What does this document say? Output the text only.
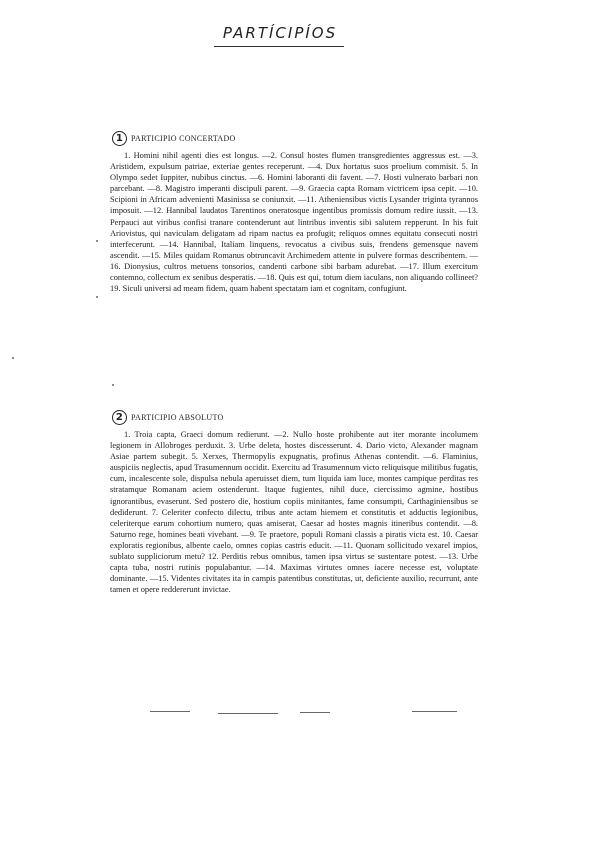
PARTÍCIPÍOS
1 PARTICIPIO CONCERTADO
1. Homini nihil agenti dies est longus. —2. Consul hostes flumen transgredientes aggressus est. —3. Aristidem, expulsum patriae, exteriae gentes receperunt. —4. Dux hortatus suos proelium commisit. 5. In Olympo sedet Iuppiter, nubibus cinctus. —6. Homini laboranti dii favent. —7. Hosti vulnerato barbari non parcebant. —8. Magistro imperanti discipuli parent. —9. Graecia capta Romam victricem ipsa cepit. —10. Scipioni in Africam advenienti Masinissa se coniunxit. —11. Atheniensibus victis Lysander triginta tyrannos imposuit. —12. Hannibal laudatos Tarentinos oneratosque ingentibus promissis domum redire iussit. —13. Perpauci aut viribus confisi tranare contenderunt aut lintribus inventis sibi salutem repperunt. In his fuit Ariovistus, qui naviculam deligatam ad ripam nactus ea profugit; reliquos omnes equitatu consecuti nostri interfecerunt. —14. Hannibal, Italiam linquens, revocatus a civibus suis, frendens gemensque navem ascendit. —15. Miles quidam Romanus obtruncavit Archimedem attente in pulvere formas describentem. —16. Dionysius, cultros metuens tonsorios, candenti carbone sibi barbam adurebat. —17. Illum exercitum contemno, collectum ex senibus desperatis. —18. Quis est qui, totum diem iaculans, non aliquando collineet? 19. Siculi universi ad meam fidem, quam habent spectatam iam et cognitam, confugiunt.
2 PARTICIPIO ABSOLUTO
1. Troia capta, Graeci domum redierunt. —2. Nullo hoste prohibente aut iter morante incolumem legionem in Allobroges perduxit. 3. Urbe deleta, hostes discesserunt. 4. Dario victo, Alexander magnam Asiae partem subegit. 5. Xerxes, Thermopylis expugnatis, profinus Athenas contendit. —6. Flaminius, auspiciis neglectis, apud Trasumennum occidit. Exercitu ad Trasumennum victo reliquisque militibus fugatis, cum, incalescente sole, dispulsa nebula aperuisset diem, tum liquida iam luce, montes campique perditas res stratamque Romanam aciem ostenderunt. Itaque fugientes, nihil duce, ciercissimo agmine, hostibus ignorantibus, evaserunt. Sed postero die, hostium copiis minitantes, fame consumpti, Carthaginiensibus se dediderunt. 7. Celeriter confecto dilectu, tribus ante actam hiemem et constitutis et adductis legionibus, celeriterque earum cohortium numero, quas amiserat, Caesar ad hostes magnis itineribus contendit. —8. Saturno rege, homines beati vivebant. —9. Te praetore, populi Romani classis a piratis victa est. 10. Caesar exploratis regionibus, albente caelo, omnes copias castris educit. —11. Quonam sollicitudo vexarel impios, sublato suppliciorum metu? 12. Perditis rebus omnibus, tamen ipsa virtus se sustentare potest. —13. Urbe capta tuba, nostri rutinis populabantur. —14. Maximas virtutes omnes iacere necesse est, voluptate dominante. —15. Videntes civitates ita in campis patentibus constitutas, ut, deficiente auxilio, recurrunt, ante tamen et opere reddererunt invictae.
